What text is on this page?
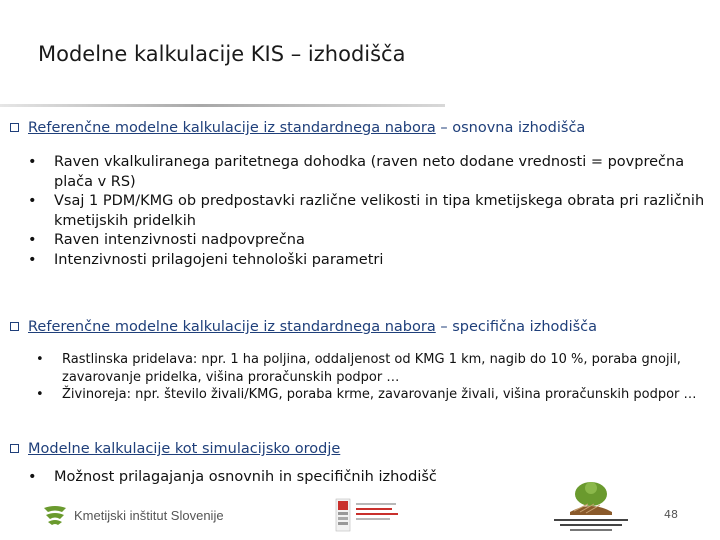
Modelne kalkulacije KIS – izhodišča
Referenčne modelne kalkulacije iz standardnega nabora – osnovna izhodišča
• Raven vkalkuliranega paritetnega dohodka (raven neto dodane vrednosti = povprečna plača v RS)
• Vsaj 1 PDM/KMG ob predpostavki različne velikosti in tipa kmetijskega obrata pri različnih kmetijskih pridelkih
• Raven intenzivnosti nadpovprečna
• Intenzivnosti prilagojeni tehnološki parametri
Referenčne modelne kalkulacije iz standardnega nabora – specifična izhodišča
• Rastlinska pridelava: npr. 1 ha poljina, oddaljenost od KMG 1 km, nagib do 10 %, poraba gnojil, zavarovanje pridelka, višina proračunskih podpor …
• Živinoreja: npr. število živali/KMG, poraba krme, zavarovanje živali, višina proračunskih podpor …
Modelne kalkulacije kot simulacijsko orodje
• Možnost prilagajanja osnovnih in specifičnih izhodišč
Kmetijski inštitut Slovenije	48
